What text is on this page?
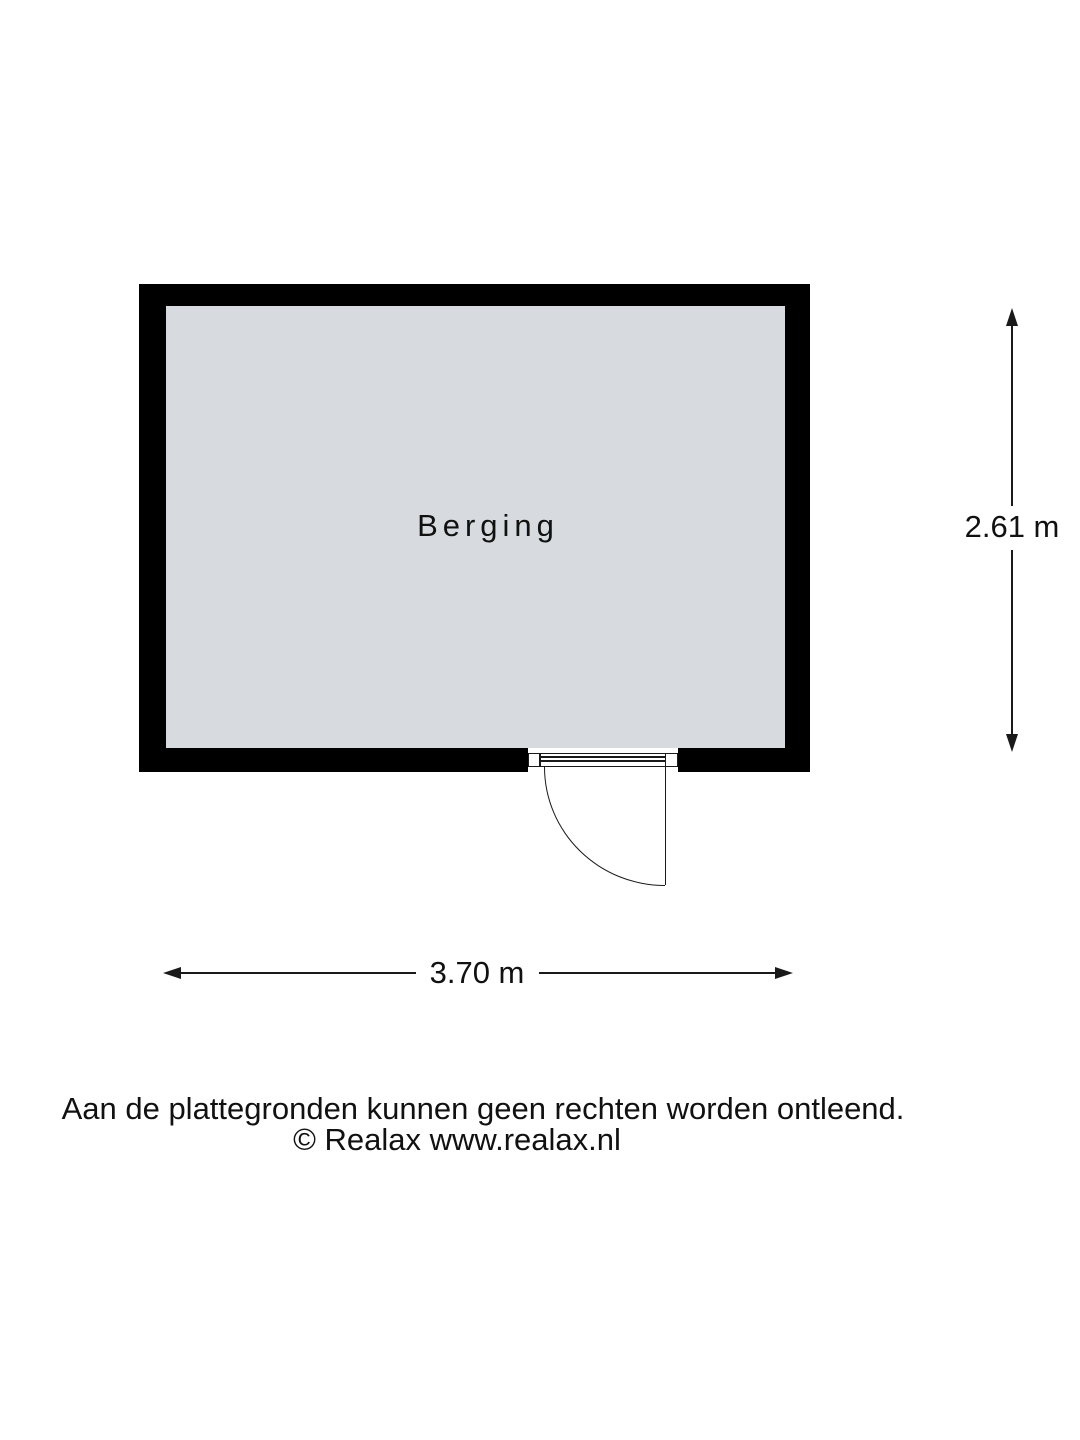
Berging	2.61 m
3.70 m
Aan de plattegronden kunnen geen rechten worden ontleend.
© Realax www.realax.nl
